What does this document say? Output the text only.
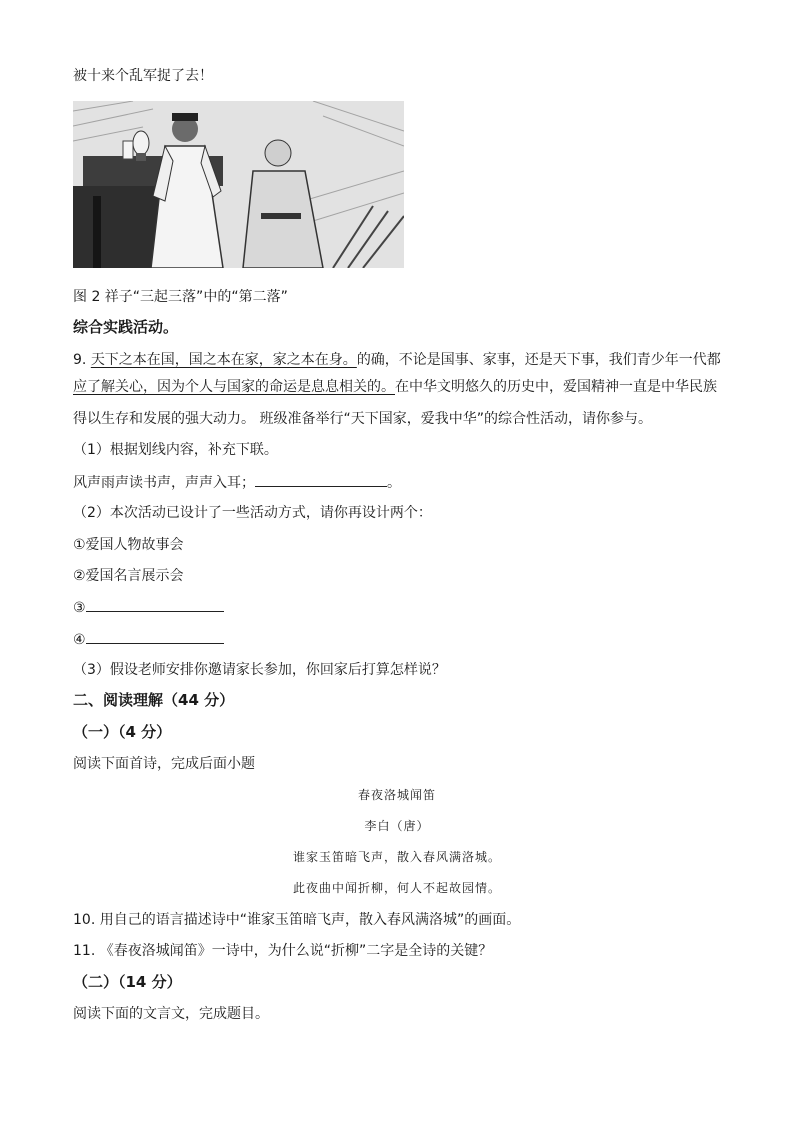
被十来个乱军捉了去！
图 2 祥子“三起三落”中的“第二落”
综合实践活动。
9. 天下之本在国，国之本在家，家之本在身。的确，不论是国事、家事，还是天下事，我们青少年一代都
应了解关心，因为个人与国家的命运是息息相关的。在中华文明悠久的历史中，爱国精神一直是中华民族
得以生存和发展的强大动力。 班级准备举行“天下国家，爱我中华”的综合性活动，请你参与。
（1）根据划线内容，补充下联。
风声雨声读书声，声声入耳；	。
（2）本次活动已设计了一些活动方式，请你再设计两个：
①爱国人物故事会
②爱国名言展示会
③
④
（3）假设老师安排你邀请家长参加，你回家后打算怎样说？
二、阅读理解（44 分）
（一）（4 分）
阅读下面首诗，完成后面小题
春夜洛城闻笛
李白（唐）
谁家玉笛暗飞声，散入春风满洛城。
此夜曲中闻折柳，何人不起故园情。
10. 用自己的语言描述诗中“谁家玉笛暗飞声，散入春风满洛城”的画面。
11. 《春夜洛城闻笛》一诗中，为什么说“折柳”二字是全诗的关键？
（二）（14 分）
阅读下面的文言文，完成题目。
